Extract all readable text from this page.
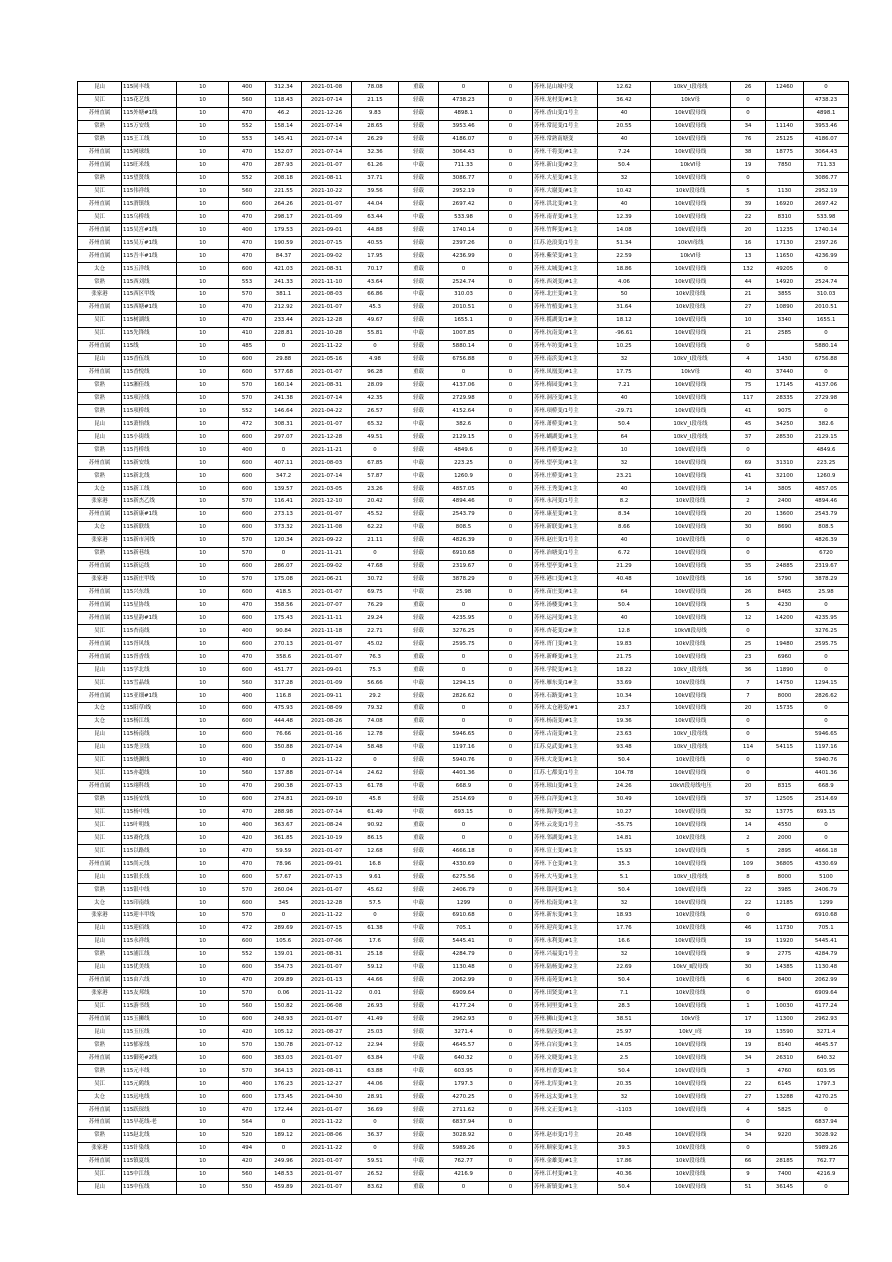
昆山	115同丰线	10	400	312.34	2021-01-08	78.08	重载	0	0	苏州.昆山城中变	12.62	10kV_Ⅰ段母线	26	12460	0
吴江	115花艺线	10	560	118.43	2021-07-14	21.15	轻载	4738.23	0	苏州.龙村变/#1主	36.42	10kV母	0		4738.23
苏州直属	115外塘#1线	10	470	46.2	2021-12-26	9.83	轻载	4898.1	0	苏州.香山变/1号主	40	10kVⅠ段母线	0		4898.1
常熟	115万安线	10	552	158.14	2021-07-14	28.65	轻载	3953.46	0	苏州.常昆变/1号主	20.55	10kVⅠ段母线	34	11140	3953.46
常熟	115王工线	10	553	145.41	2021-07-14	26.29	轻载	4186.07	0	苏州.常熟南塘变	40	10kVⅠ段母线	76	25125	4186.07
苏州直属	115网球线	10	470	152.07	2021-07-14	32.36	轻载	3064.43	0	苏州.干将变/#1主	7.24	10kVⅠ段母线	38	18775	3064.43
苏州直属	115旺米线	10	470	287.93	2021-01-07	61.26	中载	711.33	0	苏州.新山变/#2主	50.4	10kVⅠ母	19	7850	711.33
常熟	115望贤线	10	552	208.18	2021-08-11	37.71	轻载	3086.77	0	苏州.大星变/#1主	32	10kVⅠ段母线	0		3086.77
吴江	115伟祥线	10	560	221.55	2021-10-22	39.56	轻载	2952.19	0	苏州.大谢变/#1主	10.42	10kV段母线	5	1130	2952.19
苏州直属	115渭镇线	10	600	264.26	2021-01-07	44.04	轻载	2697.42	0	苏州.洪北变/#1主	40	10kVⅠ段母线	39	16920	2697.42
吴江	115乌桥线	10	470	298.17	2021-01-09	63.44	中载	533.98	0	苏州.南青变/#1主	12.39	10kVⅠ段母线	22	8310	533.98
苏州直属	115吴宫#1线	10	400	179.53	2021-09-01	44.88	轻载	1740.14	0	苏州.竹辉变/#1主	14.08	10kVⅠ段母线	20	11235	1740.14
苏州直属	115吴万#1线	10	470	190.59	2021-07-15	40.55	轻载	2397.26	0	江苏.沧浪变/1号主	51.34	10kVⅠ母线	16	17130	2397.26
苏州直属	115吾丰#1线	10	470	84.37	2021-09-02	17.95	轻载	4236.99	0	苏州.紫荣变/#1主	22.59	10kVⅠ母	13	11650	4236.99
太仓	115五洋线	10	600	421.03	2021-08-31	70.17	重载	0	0	苏州.太城变/#1主	18.86	10kVⅠ段母线	132	49205	0
常熟	115西刘线	10	553	241.33	2021-11-10	43.64	轻载	2524.74	0	苏州.西刘变/#1主	4.06	10kVⅠ段母线	44	14920	2524.74
张家港	115西区甲线	10	570	381.1	2021-08-03	66.86	中载	310.03	0	苏州.北庄变/#1主	50	10kV段母线	21	3855	310.03
苏州直属	115西塘#1线	10	470	212.92	2021-01-07	45.3	轻载	2010.51	0	苏州.竹植变/#1主	31.64	10kV段母线	27	10890	2010.51
吴江	115树湖线	10	470	233.44	2021-12-28	49.67	轻载	1655.1	0	苏州.揽湖变/1#主	18.12	10kVⅠ段母线	10	3340	1655.1
吴江	115先锋线	10	410	228.81	2021-10-28	55.81	中载	1007.85	0	苏州.抗南变/#1主	-96.61	10kVⅠ段母线	21	2585	0
苏州直属	115线	10	485	0	2021-11-22	0	轻载	5880.14	0	苏州.车坊变/#1主	10.25	10kVⅠ段母线	0		5880.14
昆山	115香伍线	10	600	29.88	2021-05-16	4.98	轻载	6756.88	0	苏州.南浜变/#1主	32	10kV_Ⅰ段母线	4	1430	6756.88
苏州直属	115香悦线	10	600	577.68	2021-01-07	96.28	重载	0	0	苏州.凤凰变/#1主	17.75	10kV母	40	37440	0
常熟	115湘佳线	10	570	160.14	2021-08-31	28.09	轻载	4137.06	0	苏州.梅园变/#1主	7.21	10kVⅠ段母线	75	17145	4137.06
常熟	115项泾线	10	570	241.38	2021-07-14	42.35	轻载	2729.98	0	苏州.洞泾变/#1主	40	10kVⅠ段母线	117	28335	2729.98
常熟	115项桥线	10	552	146.64	2021-04-22	26.57	轻载	4152.64	0	苏州.项桥变/1号主	-29.71	10kVⅠ段母线	41	9075	0
昆山	115萧怡线	10	472	308.31	2021-01-07	65.32	中载	382.6	0	苏州.萧桥变/#1主	50.4	10kV_Ⅰ段母线	45	34250	382.6
昆山	115小街线	10	600	297.07	2021-12-28	49.51	轻载	2129.15	0	苏州.蝴湖变/#1主	64	10kV_Ⅰ段母线	37	28530	2129.15
常熟	115肖桥线	10	400	0	2021-11-21	0	轻载	4849.6	0	苏州.肖桥变/#2主	10	10kVⅠ段母线	0		4849.6
苏州直属	115新安线	10	600	407.11	2021-08-03	67.85	中载	223.25	0	苏州.望亭变/#1主	32	10kVⅠ段母线	69	31310	223.25
常熟	115新北线	10	600	347.2	2021-07-14	57.87	中载	1260.9	0	苏州.庄桥变/#1主	23.21	10kVⅠ段母线	41	32100	1260.9
太仓	115新工线	10	600	139.57	2021-03-05	23.26	轻载	4857.05	0	苏州.王秀变/#1主	40	10kVⅠ段母线	14	3805	4857.05
张家港	115新杰乙线	10	570	116.41	2021-12-10	20.42	轻载	4894.46	0	苏州.永河变/1号主	8.2	10kV段母线	2	2400	4894.46
苏州直属	115新康#1线	10	600	273.13	2021-01-07	45.52	轻载	2543.79	0	苏州.康星变/#1主	8.34	10kVⅠ段母线	20	13600	2543.79
太仓	115新联线	10	600	373.32	2021-11-08	62.22	中载	808.5	0	苏州.新联变/#1主	8.66	10kVⅠ段母线	30	8690	808.5
张家港	115新市河线	10	570	120.34	2021-09-22	21.11	轻载	4826.39	0	苏州.赵庄变/1号主	40	10kV段母线	0		4826.39
常熟	115新巷线	10	570	0	2021-11-21	0	轻载	6910.68	0	苏州.治塘变/1号主	6.72	10kVⅠ段母线	0		6720
苏州直属	115新运线	10	600	286.07	2021-09-02	47.68	轻载	2319.67	0	苏州.望亭变/#1主	21.29	10kVⅠ段母线	35	24885	2319.67
张家港	115新庄甲线	10	570	175.08	2021-06-21	30.72	轻载	3878.29	0	苏州.港口变/#1主	40.48	10kV段母线	16	5790	3878.29
苏州直属	115兴东线	10	600	418.5	2021-01-07	69.75	中载	25.98	0	苏州.苗庄变/#1主	64	10kVⅠ段母线	26	8465	25.98
苏州直属	115星协线	10	470	358.56	2021-07-07	76.29	重载	0	0	苏州.汤楼变/#1主	50.4	10kVⅠ段母线	5	4230	0
苏州直属	115星韵#1线	10	600	175.43	2021-11-11	29.24	轻载	4235.95	0	苏州.运河变/#1主	40	10kVⅠ段母线	12	14200	4235.95
吴江	115杏南线	10	400	90.84	2021-11-18	22.71	轻载	3276.25	0	苏州.杏花变/2#主	12.8	10kVⅡ段母线	0		3276.25
苏州直属	115胥风线	10	600	270.13	2021-01-07	45.02	轻载	2595.75	0	苏州.胥门变/#1主	19.83	10kV段母线	25	19480	2595.75
苏州直属	115胥香线	10	470	358.6	2021-01-07	76.3	重载	0	0	苏州.新峰变/#1主	21.75	10kVⅠ段母线	23	6960	0
昆山	115学北线	10	600	451.77	2021-09-01	75.3	重载	0	0	苏州.学院变/#1主	18.22	10kV_Ⅰ段母线	36	11890	0
吴江	115雪晶线	10	560	317.28	2021-01-09	56.66	中载	1294.15	0	苏州.雁东变/1#主	33.69	10kV段母线	7	14750	1294.15
苏州直属	115亚细#1线	10	400	116.8	2021-09-11	29.2	轻载	2826.62	0	苏州.石路变/#1主	10.34	10kVⅠ段母线	7	8000	2826.62
太仓	115阳草Ⅰ线	10	600	475.93	2021-08-09	79.32	重载	0	0	苏州.太仓港变/#1	23.7	10kVⅠ段母线	20	15735	0
太仓	115杨江线	10	600	444.48	2021-08-26	74.08	重载	0	0	苏州.杨南变/#1主	19.36	10kVⅠ段母线	0		0
昆山	115杨南线	10	600	76.66	2021-01-16	12.78	轻载	5946.65	0	苏州.古南变/#1主	23.63	10kV_Ⅰ段母线	0		5946.65
昆山	115尧卫线	10	600	350.88	2021-07-14	58.48	中载	1197.16	0	江苏.兑武变/#1主	93.48	10kV_Ⅰ段母线	114	54115	1197.16
吴江	115烧渊线	10	490	0	2021-11-22	0	轻载	5940.76	0	苏州.大龙变/#1主	50.4	10kV段母线	0		5940.76
吴江	115亦超线	10	560	137.88	2021-07-14	24.62	轻载	4401.36	0	江苏.七都变/1号主	104.78	10kVⅠ段母线	0		4401.36
苏州直属	115翊科线	10	470	290.38	2021-07-13	61.78	中载	668.9	0	苏州.琼山变/#1主	24.26	10kVⅠ段母线电压	20	8315	668.9
常熟	115扬安线	10	600	274.81	2021-09-10	45.8	轻载	2514.69	0	苏州.白洋变/#1主	30.49	10kVⅠ段母线	37	12505	2514.69
吴江	115杨中线	10	470	288.98	2021-07-14	61.49	中载	693.15	0	苏州.海洋变/#1主	10.27	10kVⅠ段母线	32	13775	693.15
吴江	115叶明线	10	400	363.67	2021-08-24	90.92	重载	0	0	苏州.云龙变/1号主	-55.75	10kVⅠ段母线	14	4550	0
吴江	115裔化线	10	420	361.85	2021-10-19	86.15	重载	0	0	苏州.邻湖变/#1主	14.81	10kV段母线	2	2000	0
吴江	115以路线	10	470	59.59	2021-01-07	12.68	轻载	4666.18	0	苏州.宣土变/#1主	15.93	10kVⅠ段母线	5	2895	4666.18
苏州直属	115尚元线	10	470	78.96	2021-09-01	16.8	轻载	4330.69	0	苏州.下仓变/#1主	35.3	10kVⅠ段母线	109	36805	4330.69
昆山	115银长线	10	600	57.67	2021-07-13	9.61	轻载	6275.56	0	苏州.大马变/#1主	5.1	10kV_Ⅰ段母线	8	8000	5100
常熟	115银中线	10	570	260.04	2021-01-07	45.62	轻载	2406.79	0	苏州.银河变/#1主	50.4	10kVⅠ段母线	22	3985	2406.79
太仓	115印南线	10	600	345	2021-12-28	57.5	中载	1299	0	苏州.松南变/#1主	32	10kVⅠ段母线	22	12185	1299
张家港	115迎丰甲线	10	570	0	2021-11-22	0	轻载	6910.68	0	苏州.新东变/#1主	18.93	10kV段母线	0		6910.68
昆山	115迎佰线	10	472	289.69	2021-07-15	61.38	中载	705.1	0	苏州.迎宾变/#1主	17.76	10kV段母线	46	11730	705.1
昆山	115永祥线	10	600	105.6	2021-07-06	17.6	轻载	5445.41	0	苏州.永利变/#1主	16.6	10kVⅠ段母线	19	11920	5445.41
常熟	115浦江线	10	552	139.01	2021-08-31	25.18	轻载	4284.79	0	苏州.兴福变/1号主	32	10kVⅠ段母线	9	2775	4284.79
昆山	115优美线	10	600	354.73	2021-01-07	59.12	中载	1130.48	0	苏州.陆杨变/#2主	22.69	10kV_Ⅱ段母线	30	14385	1130.48
苏州直属	115由六线	10	470	209.89	2021-01-13	44.66	轻载	2062.99	0	苏州.南苑变/#1主	50.4	10kV段母线	6	8400	2062.99
张家港	115友邦线	10	570	0.06	2021-11-22	0.01	轻载	6909.64	0	苏州.田贤变/#1主	7.1	10kV段母线	0		6909.64
吴江	115游书线	10	560	150.82	2021-06-08	26.93	轻载	4177.24	0	苏州.同里变/#1主	28.3	10kVⅠ段母线	1	10030	4177.24
苏州直属	115玉狮线	10	600	248.93	2021-01-07	41.49	轻载	2962.93	0	苏州.狮山变/#1主	38.51	10kV母	17	11300	2962.93
昆山	115玉压线	10	420	105.12	2021-08-27	25.03	轻载	3271.4	0	苏州.陆泾变/#1主	25.97	10kV_Ⅰ母	19	13590	3271.4
常熟	115郁家线	10	570	130.78	2021-07-12	22.94	轻载	4645.57	0	苏州.白宕变/#1主	14.05	10kVⅠ段母线	19	8140	4645.57
苏州直属	115御苑#2线	10	600	383.03	2021-01-07	63.84	中载	640.32	0	苏州.文晓变/#1主	2.5	10kVⅠ段母线	34	26310	640.32
常熟	115元丰线	10	570	364.13	2021-08-11	63.88	中载	603.95	0	苏州.杜香变/#1主	50.4	10kVⅠ段母线	3	4760	603.95
吴江	115元鹤线	10	400	176.23	2021-12-27	44.06	轻载	1797.3	0	苏州.北库变/#1主	20.35	10kVⅠ段母线	22	6145	1797.3
太仓	115远电线	10	600	173.45	2021-04-30	28.91	轻载	4270.25	0	苏州.远太变/#1主	32	10kVⅠ段母线	27	13288	4270.25
苏州直属	115跃琛线	10	470	172.44	2021-01-07	36.69	轻载	2711.62	0	苏州.文正变/#1主	-1103	10kVⅠ段母线	4	5825	0
苏州直属	115早花线-老	10	564	0	2021-11-22	0	轻载	6837.94	0				0		6837.94
常熟	115赵北线	10	520	189.12	2021-08-06	36.37	轻载	3028.92	0	苏州.赵市变/1号主	20.48	10kVⅠ段母线	34	9220	3028.92
张家港	115针染线	10	494	0	2021-11-22	0	轻载	5989.26	0	苏州.顺家变/#1主	39.3	10kV段母线	0		5989.26
苏州直属	115镇夏线	10	420	249.96	2021-01-07	59.51	中载	762.77	0	苏州.金雄变/#1主	17.86	10kV段母线	66	28185	762.77
吴江	115中江线	10	560	148.53	2021-01-07	26.52	轻载	4216.9	0	苏州.江村变/#1主	40.36	10kV段母线	9	7400	4216.9
昆山	115中伍线	10	550	459.89	2021-01-07	83.62	重载	0	0	苏州.新镇变/#1主	50.4	10kVⅠ段母线	51	36145	0
